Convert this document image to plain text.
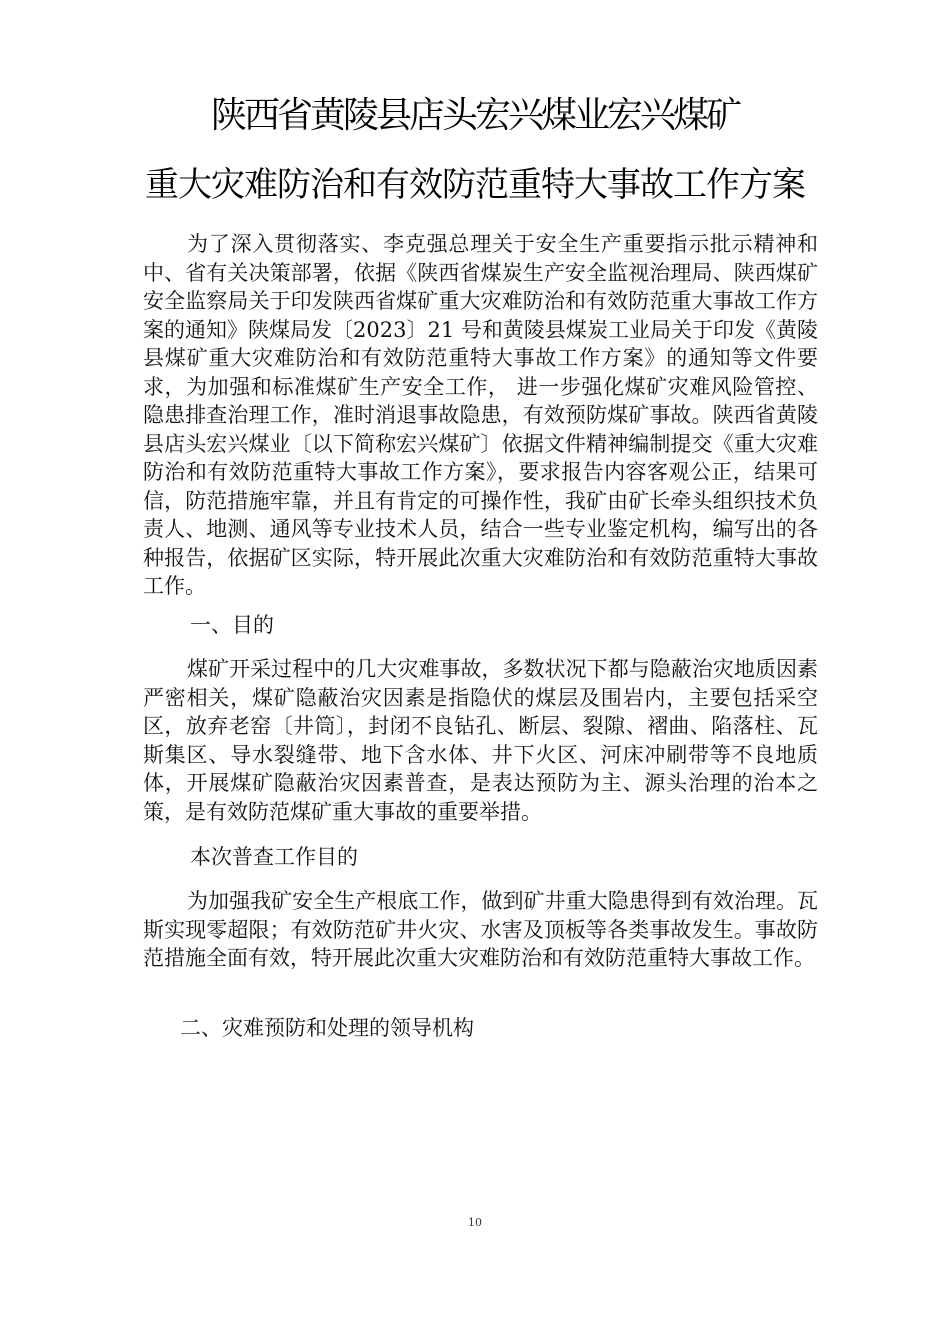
陕西省黄陵县店头宏兴煤业宏兴煤矿
重大灾难防治和有效防范重特大事故工作方案

为了深入贯彻落实、李克强总理关于安全生产重要指示批示精神和中、省有关决策部署，依据《陕西省煤炭生产安全监视治理局、陕西煤矿安全监察局关于印发陕西省煤矿重大灾难防治和有效防范重大事故工作方案的通知》陕煤局发〔2023〕21 号和黄陵县煤炭工业局关于印发《黄陵县煤矿重大灾难防治和有效防范重特大事故工作方案》的通知等文件要求，为加强和标准煤矿生产安全工作， 进一步强化煤矿灾难风险管控、隐患排查治理工作，准时消退事故隐患，有效预防煤矿事故。陕西省黄陵县店头宏兴煤业〔以下简称宏兴煤矿〕依据文件精神编制提交《重大灾难防治和有效防范重特大事故工作方案》，要求报告内容客观公正，结果可信，防范措施牢靠，并且有肯定的可操作性，我矿由矿长牵头组织技术负责人、地测、通风等专业技术人员，结合一些专业鉴定机构，编写出的各种报告，依据矿区实际，特开展此次重大灾难防治和有效防范重特大事故工作。

一、目的

煤矿开采过程中的几大灾难事故，多数状况下都与隐蔽治灾地质因素严密相关，煤矿隐蔽治灾因素是指隐伏的煤层及围岩内，主要包括采空区，放弃老窑〔井筒〕，封闭不良钻孔、断层、裂隙、褶曲、陷落柱、瓦斯集区、导水裂缝带、地下含水体、井下火区、河床冲刷带等不良地质体，开展煤矿隐蔽治灾因素普查，是表达预防为主、源头治理的治本之策，是有效防范煤矿重大事故的重要举措。

本次普查工作目的

为加强我矿安全生产根底工作，做到矿井重大隐患得到有效治理。瓦斯实现零超限；有效防范矿井火灾、水害及顶板等各类事故发生。事故防范措施全面有效，特开展此次重大灾难防治和有效防范重特大事故工作。

二、灾难预防和处理的领导机构

10
